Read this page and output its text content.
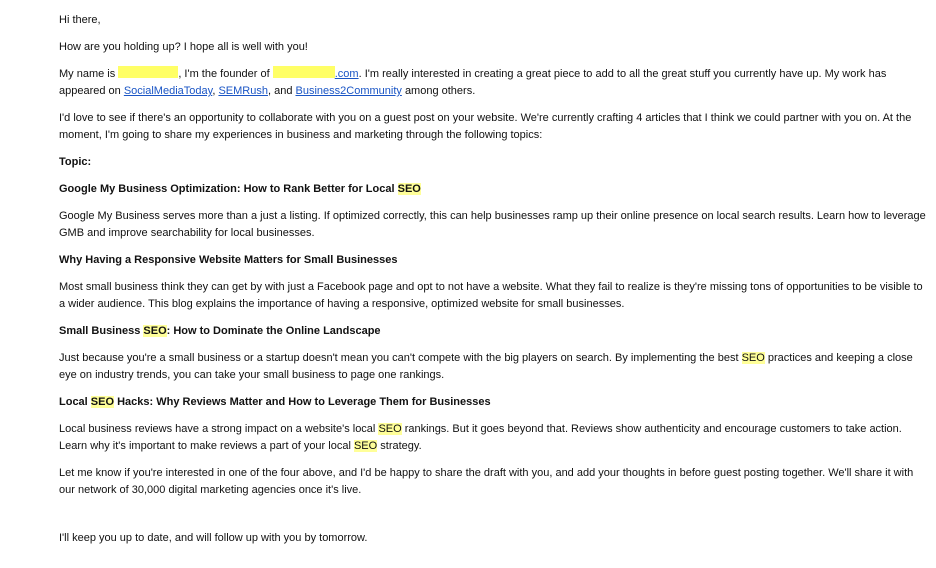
Hi there,

How are you holding up? I hope all is well with you!

My name is	, I'm the founder of	.com. I'm really interested in creating a great piece to add to all the great stuff you currently have up. My work has appeared on SocialMediaToday, SEMRush, and Business2Community among others.

I'd love to see if there's an opportunity to collaborate with you on a guest post on your website. We're currently crafting 4 articles that I think we could partner with you on. At the moment, I'm going to share my experiences in business and marketing through the following topics:

Topic:

Google My Business Optimization: How to Rank Better for Local SEO

Google My Business serves more than a just a listing. If optimized correctly, this can help businesses ramp up their online presence on local search results. Learn how to leverage GMB and improve searchability for local businesses.

Why Having a Responsive Website Matters for Small Businesses

Most small business think they can get by with just a Facebook page and opt to not have a website. What they fail to realize is they're missing tons of opportunities to be visible to a wider audience. This blog explains the importance of having a responsive, optimized website for small businesses.

Small Business SEO: How to Dominate the Online Landscape

Just because you're a small business or a startup doesn't mean you can't compete with the big players on search. By implementing the best SEO practices and keeping a close eye on industry trends, you can take your small business to page one rankings.

Local SEO Hacks: Why Reviews Matter and How to Leverage Them for Businesses

Local business reviews have a strong impact on a website's local SEO rankings. But it goes beyond that. Reviews show authenticity and encourage customers to take action. Learn why it's important to make reviews a part of your local SEO strategy.

Let me know if you're interested in one of the four above, and I'd be happy to share the draft with you, and add your thoughts in before guest posting together. We'll share it with our network of 30,000 digital marketing agencies once it's live.

I'll keep you up to date, and will follow up with you by tomorrow.
